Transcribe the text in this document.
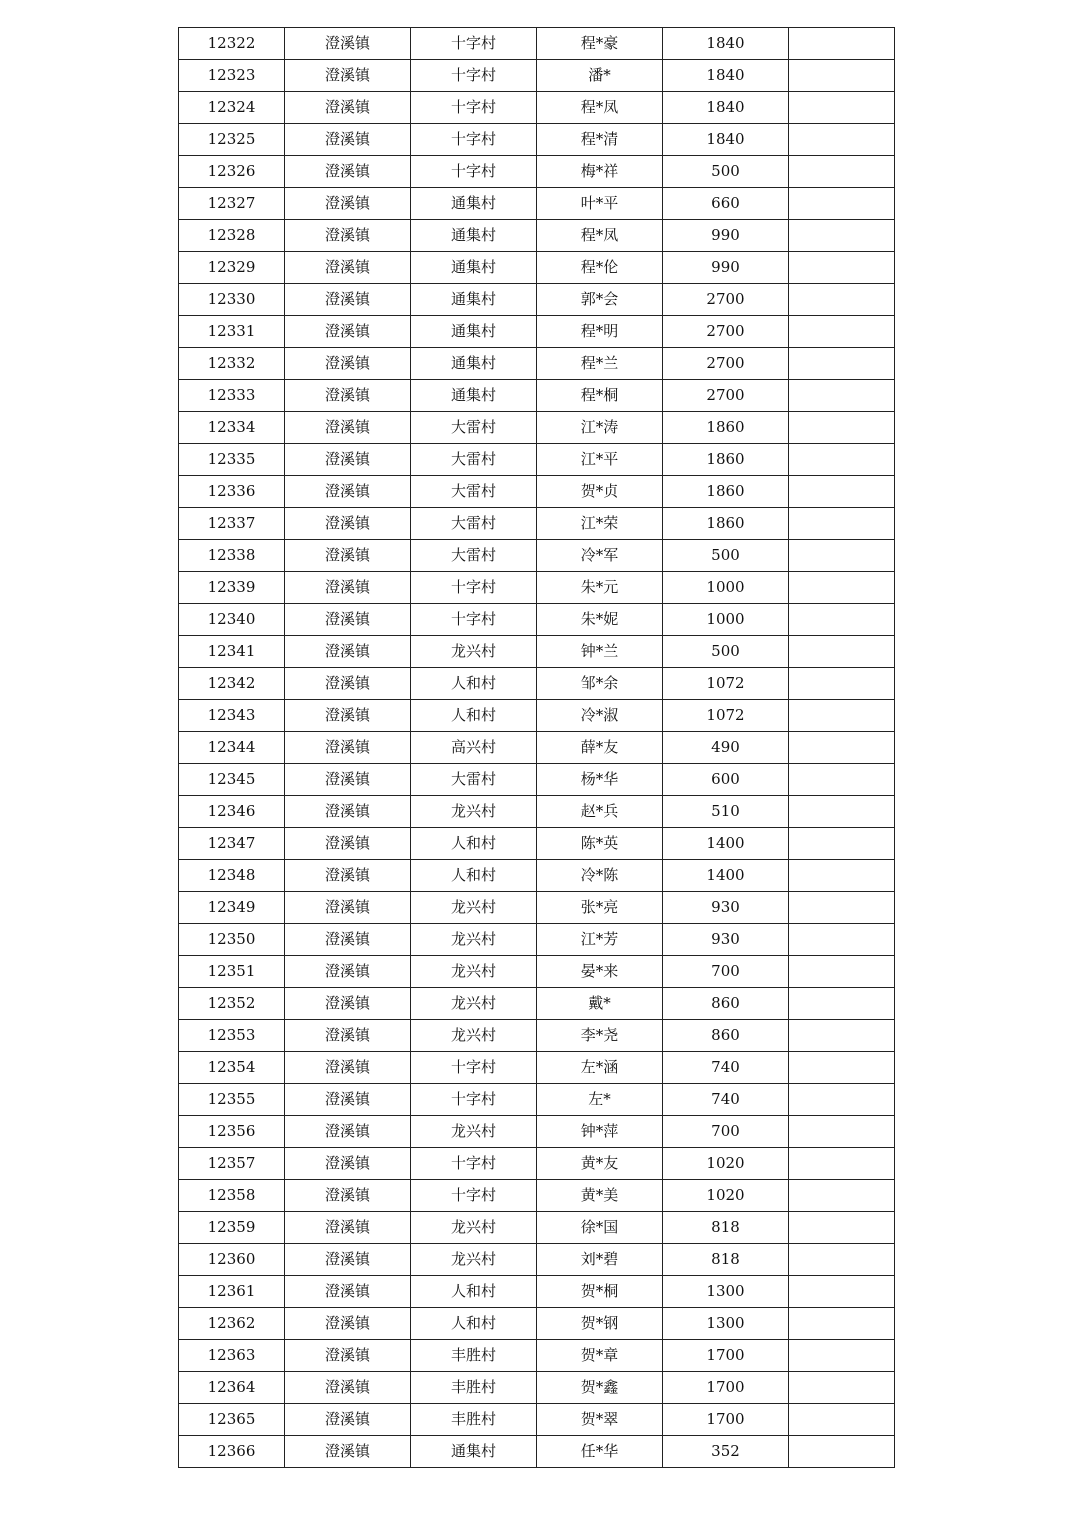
12322	澄溪镇	十字村	程*豪	1840	
12323	澄溪镇	十字村	潘*	1840	
12324	澄溪镇	十字村	程*凤	1840	
12325	澄溪镇	十字村	程*清	1840	
12326	澄溪镇	十字村	梅*祥	500	
12327	澄溪镇	通集村	叶*平	660	
12328	澄溪镇	通集村	程*凤	990	
12329	澄溪镇	通集村	程*伦	990	
12330	澄溪镇	通集村	郭*会	2700	
12331	澄溪镇	通集村	程*明	2700	
12332	澄溪镇	通集村	程*兰	2700	
12333	澄溪镇	通集村	程*桐	2700	
12334	澄溪镇	大雷村	江*涛	1860	
12335	澄溪镇	大雷村	江*平	1860	
12336	澄溪镇	大雷村	贺*贞	1860	
12337	澄溪镇	大雷村	江*荣	1860	
12338	澄溪镇	大雷村	冷*军	500	
12339	澄溪镇	十字村	朱*元	1000	
12340	澄溪镇	十字村	朱*妮	1000	
12341	澄溪镇	龙兴村	钟*兰	500	
12342	澄溪镇	人和村	邹*余	1072	
12343	澄溪镇	人和村	冷*淑	1072	
12344	澄溪镇	高兴村	薛*友	490	
12345	澄溪镇	大雷村	杨*华	600	
12346	澄溪镇	龙兴村	赵*兵	510	
12347	澄溪镇	人和村	陈*英	1400	
12348	澄溪镇	人和村	冷*陈	1400	
12349	澄溪镇	龙兴村	张*亮	930	
12350	澄溪镇	龙兴村	江*芳	930	
12351	澄溪镇	龙兴村	晏*来	700	
12352	澄溪镇	龙兴村	戴*	860	
12353	澄溪镇	龙兴村	李*尧	860	
12354	澄溪镇	十字村	左*涵	740	
12355	澄溪镇	十字村	左*	740	
12356	澄溪镇	龙兴村	钟*萍	700	
12357	澄溪镇	十字村	黄*友	1020	
12358	澄溪镇	十字村	黄*美	1020	
12359	澄溪镇	龙兴村	徐*国	818	
12360	澄溪镇	龙兴村	刘*碧	818	
12361	澄溪镇	人和村	贺*桐	1300	
12362	澄溪镇	人和村	贺*钢	1300	
12363	澄溪镇	丰胜村	贺*章	1700	
12364	澄溪镇	丰胜村	贺*鑫	1700	
12365	澄溪镇	丰胜村	贺*翠	1700	
12366	澄溪镇	通集村	任*华	352	
